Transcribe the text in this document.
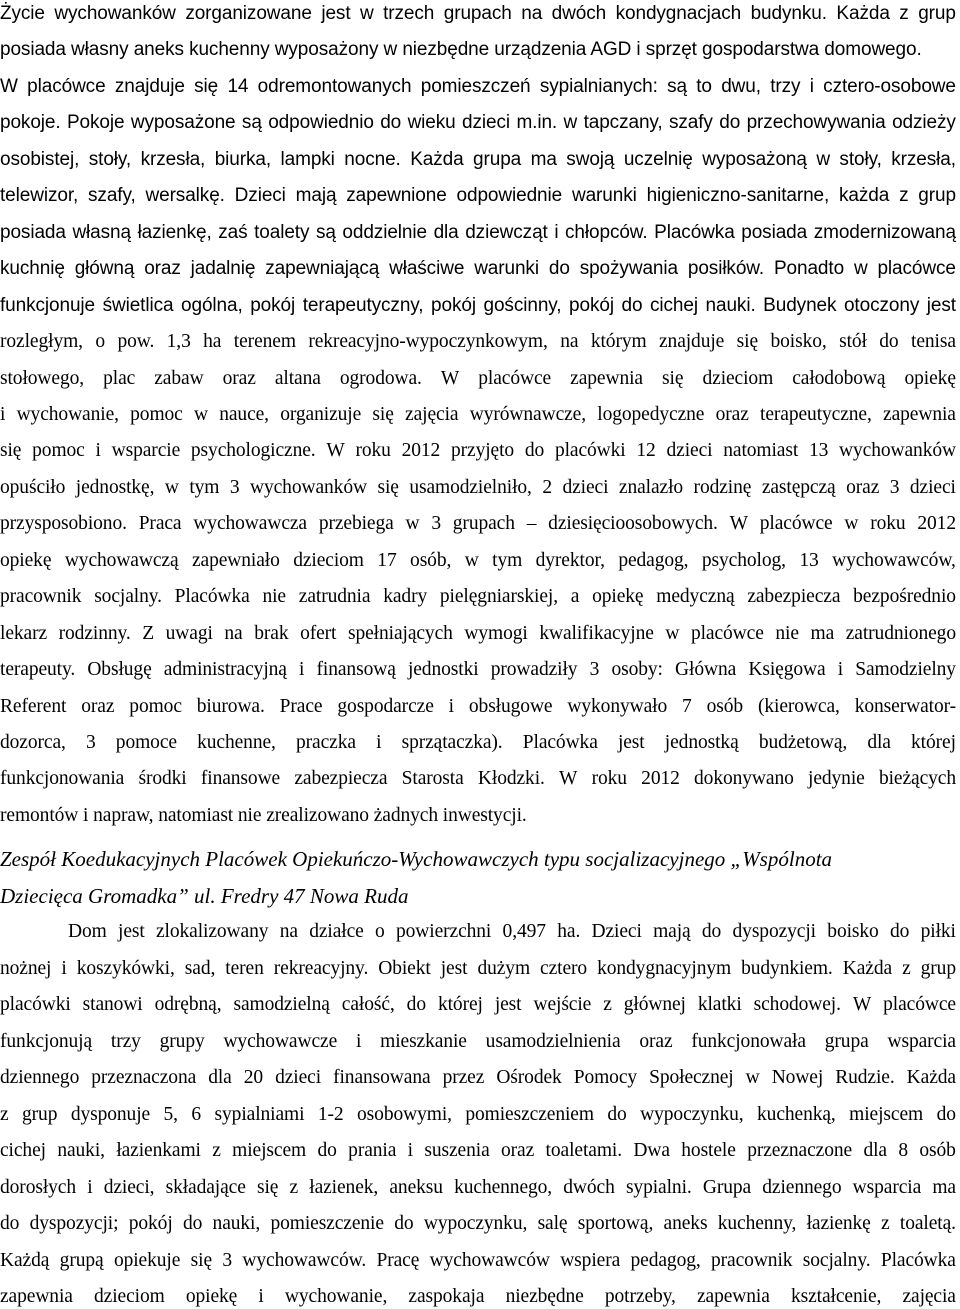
Życie wychowanków zorganizowane jest w trzech grupach na dwóch kondygnacjach budynku. Każda z grup
posiada własny aneks kuchenny wyposażony w niezbędne urządzenia AGD i sprzęt gospodarstwa domowego.
W placówce znajduje się 14 odremontowanych pomieszczeń sypialnianych: są to dwu, trzy i cztero-osobowe
pokoje. Pokoje wyposażone są odpowiednio do wieku dzieci m.in. w tapczany, szafy do przechowywania odzieży
osobistej, stoły, krzesła, biurka, lampki nocne. Każda grupa ma swoją uczelnię wyposażoną w stoły, krzesła,
telewizor, szafy, wersalkę. Dzieci mają zapewnione odpowiednie warunki higieniczno-sanitarne, każda z grup
posiada własną łazienkę, zaś toalety są oddzielnie dla dziewcząt i chłopców. Placówka posiada zmodernizowaną
kuchnię główną oraz jadalnię zapewniającą właściwe warunki do spożywania posiłków. Ponadto w placówce
funkcjonuje świetlica ogólna, pokój terapeutyczny, pokój gościnny, pokój do cichej nauki. Budynek otoczony jest
rozległym, o pow. 1,3 ha terenem rekreacyjno-wypoczynkowym, na którym znajduje się boisko, stół do tenisa
stołowego, plac zabaw oraz altana ogrodowa. W placówce zapewnia się dzieciom całodobową opiekę
i wychowanie, pomoc w nauce, organizuje się zajęcia wyrównawcze, logopedyczne oraz terapeutyczne, zapewnia
się pomoc i wsparcie psychologiczne. W roku 2012 przyjęto do placówki 12 dzieci natomiast 13 wychowanków
opuściło jednostkę, w tym 3 wychowanków się usamodzielniło, 2 dzieci znalazło rodzinę zastępczą oraz 3 dzieci
przysposobiono. Praca wychowawcza przebiega w 3 grupach – dziesięcioosobowych. W placówce w roku 2012
opiekę wychowawczą zapewniało dzieciom 17 osób, w tym dyrektor, pedagog, psycholog, 13 wychowawców,
pracownik socjalny. Placówka nie zatrudnia kadry pielęgniarskiej, a opiekę medyczną zabezpiecza bezpośrednio
lekarz rodzinny. Z uwagi na brak ofert spełniających wymogi kwalifikacyjne w placówce nie ma zatrudnionego
terapeuty. Obsługę administracyjną i finansową jednostki prowadziły 3 osoby: Główna Księgowa i Samodzielny
Referent oraz pomoc biurowa. Prace gospodarcze i obsługowe wykonywało 7 osób (kierowca, konserwator-
dozorca, 3 pomoce kuchenne, praczka i sprzątaczka). Placówka jest jednostką budżetową, dla której
funkcjonowania środki finansowe zabezpiecza Starosta Kłodzki. W roku 2012 dokonywano jedynie bieżących
remontów i napraw, natomiast nie zrealizowano żadnych inwestycji.
Zespół Koedukacyjnych Placówek Opiekuńczo-Wychowawczych typu socjalizacyjnego „Wspólnota
Dziecięca Gromadka” ul. Fredry 47 Nowa Ruda
Dom jest zlokalizowany na działce o powierzchni 0,497 ha. Dzieci mają do dyspozycji boisko do piłki
nożnej i koszykówki, sad, teren rekreacyjny. Obiekt jest dużym cztero kondygnacyjnym budynkiem. Każda z grup
placówki stanowi odrębną, samodzielną całość, do której jest wejście z głównej klatki schodowej. W placówce
funkcjonują trzy grupy wychowawcze i mieszkanie usamodzielnienia oraz funkcjonowała grupa wsparcia
dziennego przeznaczona dla 20 dzieci finansowana przez Ośrodek Pomocy Społecznej w Nowej Rudzie. Każda
z grup dysponuje 5, 6 sypialniami 1-2 osobowymi, pomieszczeniem do wypoczynku, kuchenką, miejscem do
cichej nauki, łazienkami z miejscem do prania i suszenia oraz toaletami. Dwa hostele przeznaczone dla 8 osób
dorosłych i dzieci, składające się z łazienek, aneksu kuchennego, dwóch sypialni. Grupa dziennego wsparcia ma
do dyspozycji; pokój do nauki, pomieszczenie do wypoczynku, salę sportową, aneks kuchenny, łazienkę z toaletą.
Każdą grupą opiekuje się 3 wychowawców. Pracę wychowawców wspiera pedagog, pracownik socjalny. Placówka
zapewnia dzieciom opiekę i wychowanie, zaspokaja niezbędne potrzeby, zapewnia kształcenie, zajęcia
